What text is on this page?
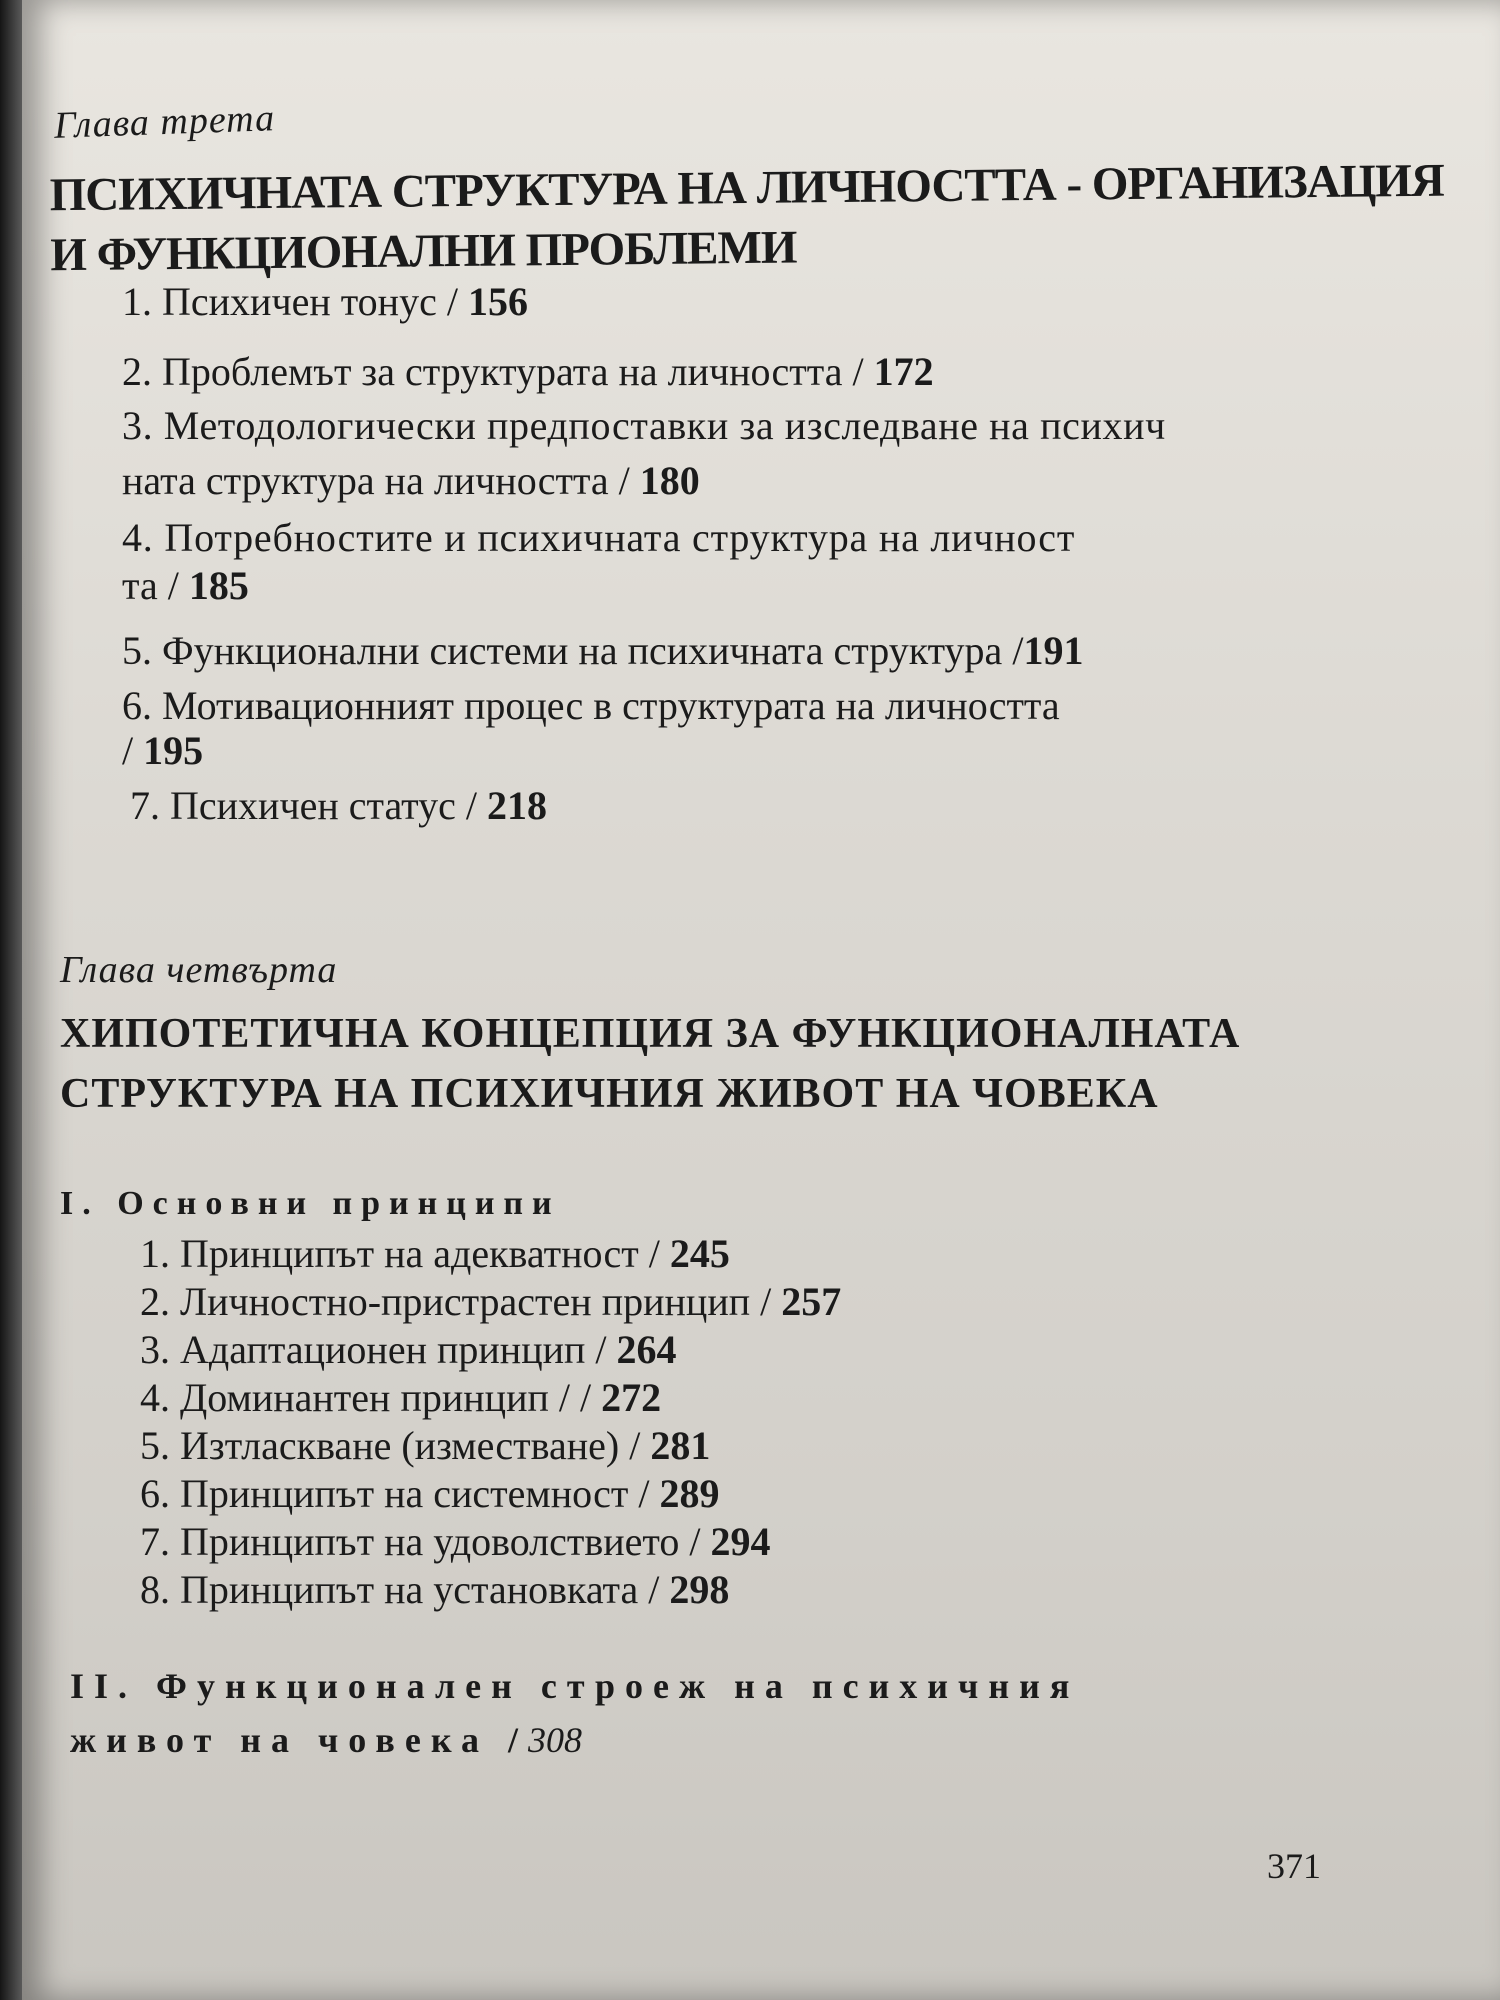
Глава трета
ПСИХИЧНАТА СТРУКТУРА НА ЛИЧНОСТТА - ОРГАНИЗАЦИЯ
И ФУНКЦИОНАЛНИ ПРОБЛЕМИ
1. Психичен тонус / 156
2. Проблемът за структурата на личността / 172
3. Методологически предпоставки за изследване на психич
ната структура на личността / 180
4. Потребностите и психичната структура на личност
та / 185
5. Функционални системи на психичната структура /191
6. Мотивационният процес в структурата на личността
/ 195
7. Психичен статус / 218
Глава четвърта
ХИПОТЕТИЧНА КОНЦЕПЦИЯ ЗА ФУНКЦИОНАЛНАТА
СТРУКТУРА НА ПСИХИЧНИЯ ЖИВОТ НА ЧОВЕКА
I. Основни принципи
1. Принципът на адекватност / 245
2. Личностно-пристрастен принцип / 257
3. Адаптационен принцип / 264
4. Доминантен принцип / / 272
5. Изтласкване (изместване) / 281
6. Принципът на системност / 289
7. Принципът на удоволствието / 294
8. Принципът на установката / 298
II. Функционален строеж на психичния
живот на човека /308
371
